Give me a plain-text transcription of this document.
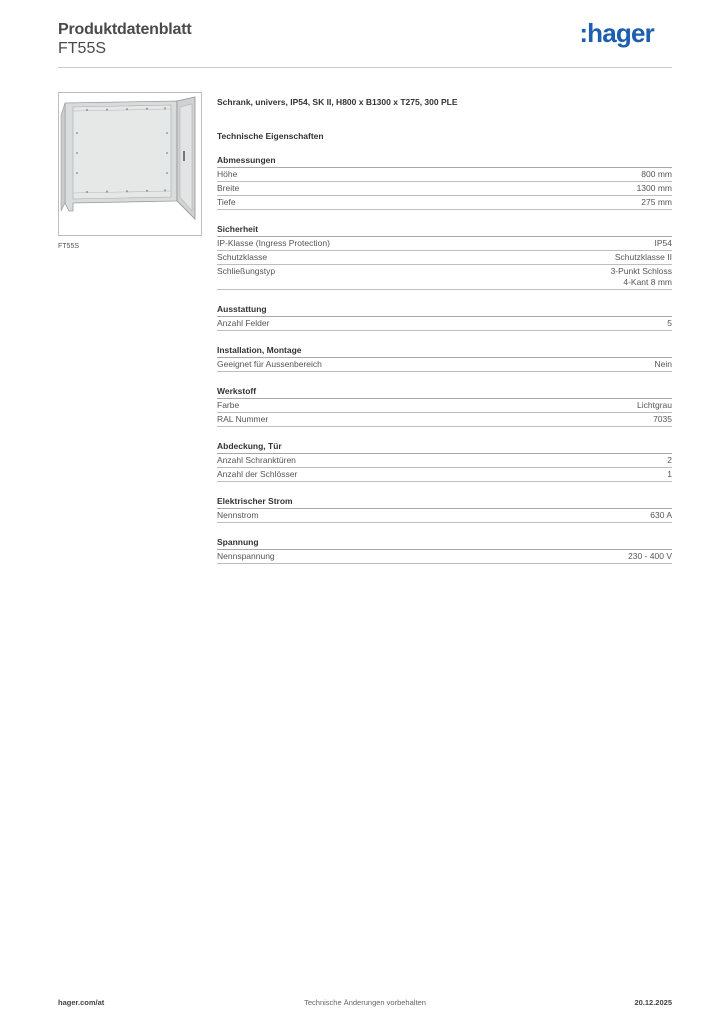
Produktdatenblatt
FT55S
:hager
FT55S
Schrank, univers, IP54, SK II, H800 x B1300 x T275, 300 PLE
Technische Eigenschaften
Abmessungen
Höhe	800 mm
Breite	1300 mm
Tiefe	275 mm
Sicherheit
IP-Klasse (Ingress Protection)	IP54
Schutzklasse	Schutzklasse II
Schließungstyp	3-Punkt Schloss
4-Kant 8 mm
Ausstattung
Anzahl Felder	5
Installation, Montage
Geeignet für Aussenbereich	Nein
Werkstoff
Farbe	Lichtgrau
RAL Nummer	7035
Abdeckung, Tür
Anzahl Schranktüren	2
Anzahl der Schlösser	1
Elektrischer Strom
Nennstrom	630 A
Spannung
Nennspannung	230 - 400 V
Technische Änderungen vorbehalten
hager.com/at	20.12.2025
